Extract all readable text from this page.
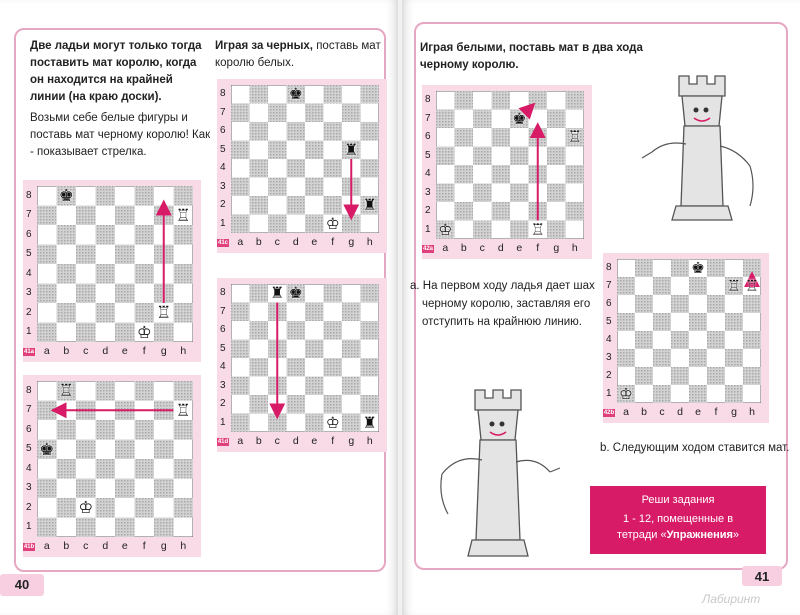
Две ладьи могут только тогда
поставить мат королю, когда
он находится на крайней
линии (на краю доски).
Возьми себе белые фигуры и
поставь мат черному королю! Как
- показывает стрелка.
Играя за черных, поставь мат
королю белых.
40
Играя белыми, поставь мат в два хода
черному королю.
a. На первом ходу ладья дает шах
черному королю, заставляя его
отступить на крайнюю линию.
b. Следующим ходом ставится мат.
Реши задания
1 - 12, помещенные в
тетради «Упражнения»
41
Лабиринт
♚
♖
♖
♔
8
7
6
5
4
3
2
1
a	b	c	d	e	f	g	h
41a
♖
♖
♚
♔
8
7
6
5
4
3
2
1
a	b	c	d	e	f	g	h
41b
♚
♜
♜
♔
8
7
6
5
4
3
2
1
a	b	c	d	e	f	g	h
41c
♜ ♚
♜
♔
8
7
6
5
4
3
2
1
a	b	c	d	e	f	g	h
41d
♚
♖
♔	♖
8
7
6
5
4
3
2
1
a	b	c	d	e	f	g	h
42a
♚
♖ ♖
♔
8
7
6
5
4
3
2
1
a	b	c	d	e	f	g	h
42b
